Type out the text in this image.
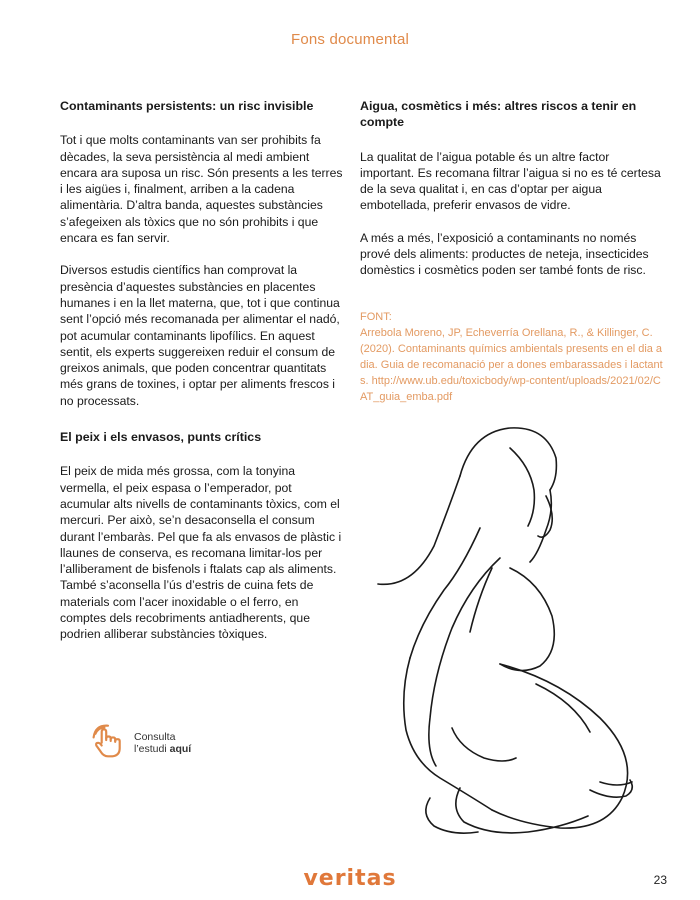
Fons documental
Contaminants persistents: un risc invisible

Tot i que molts contaminants van ser prohibits fa dècades, la seva persistència al medi ambient encara ara suposa un risc. Són presents a les terres i les aigües i, finalment, arriben a la cadena alimentària. D’altra banda, aquestes substàncies s’afegeixen als tòxics que no són prohibits i que encara es fan servir.

Diversos estudis científics han comprovat la presència d’aquestes substàncies en placentes humanes i en la llet materna, que, tot i que continua sent l’opció més recomanada per alimentar el nadó, pot acumular contaminants lipofílics. En aquest sentit, els experts suggereixen reduir el consum de greixos animals, que poden concentrar quantitats més grans de toxines, i optar per aliments frescos i no processats.

El peix i els envasos, punts crítics

El peix de mida més grossa, com la tonyina vermella, el peix espasa o l’emperador, pot acumular alts nivells de contaminants tòxics, com el mercuri. Per això, se’n desaconsella el consum durant l’embaràs. Pel que fa als envasos de plàstic i llaunes de conserva, es recomana limitar-los per l’alliberament de bisfenols i ftalats cap als aliments. També s’aconsella l’ús d’estris de cuina fets de materials com l’acer inoxidable o el ferro, en comptes dels recobriments antiadherents, que podrien alliberar substàncies tòxiques.

Aigua, cosmètics i més: altres riscos a tenir en compte

La qualitat de l’aigua potable és un altre factor important. Es recomana filtrar l’aigua si no es té certesa de la seva qualitat i, en cas d’optar per aigua embotellada, preferir envasos de vidre.

A més a més, l’exposició a contaminants no només prové dels aliments: productes de neteja, insecticides domèstics i cosmètics poden ser també fonts de risc.

FONT:
Arrebola Moreno, JP, Echeverría Orellana, R., & Killinger, C. (2020). Contaminants químics ambientals presents en el dia a dia. Guia de recomanació per a dones embarassades i lactants. http://www.ub.edu/toxicbody/wp-content/uploads/2021/02/CAT_guia_emba.pdf
Consulta
l’estudi aquí
veritas	23
